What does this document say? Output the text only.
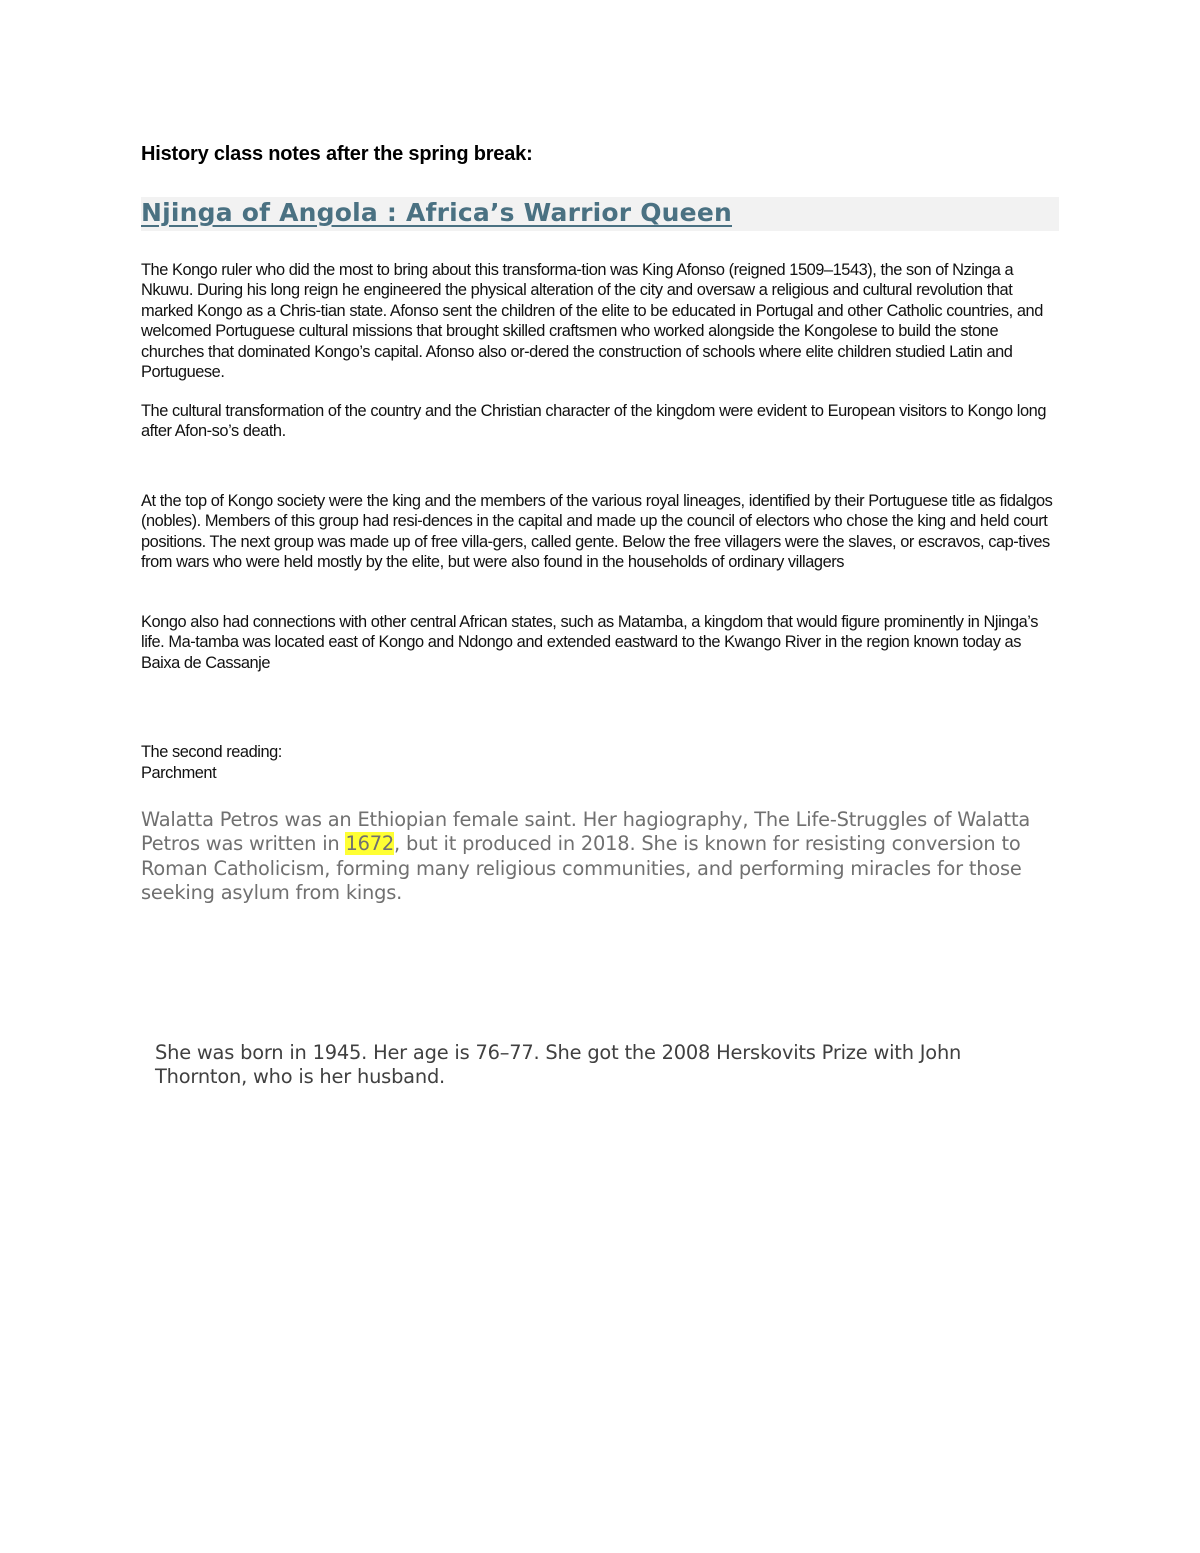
History class notes after the spring break:
Njinga of Angola : Africa’s Warrior Queen

The Kongo ruler who did the most to bring about this transforma-tion was King Afonso (reigned 1509–1543), the son of Nzinga a Nkuwu. During his long reign he engineered the physical alteration of the city and oversaw a religious and cultural revolution that marked Kongo as a Chris-tian state. Afonso sent the children of the elite to be educated in Portugal and other Catholic countries, and welcomed Portuguese cultural missions that brought skilled craftsmen who worked alongside the Kongolese to build the stone churches that dominated Kongo’s capital. Afonso also or-dered the construction of schools where elite children studied Latin and Portuguese.

The cultural transformation of the country and the Christian character of the kingdom were evident to European visitors to Kongo long after Afon-so’s death.

At the top of Kongo society were the king and the members of the various royal lineages, identified by their Portuguese title as fidalgos (nobles). Members of this group had resi-dences in the capital and made up the council of electors who chose the king and held court positions. The next group was made up of free villa-gers, called gente. Below the free villagers were the slaves, or escravos, cap-tives from wars who were held mostly by the elite, but were also found in the households of ordinary villagers

Kongo also had connections with other central African states, such as Matamba, a kingdom that would figure prominently in Njinga’s life. Ma-tamba was located east of Kongo and Ndongo and extended eastward to the Kwango River in the region known today as Baixa de Cassanje

The second reading:
Parchment

Walatta Petros was an Ethiopian female saint. Her hagiography, The Life-Struggles of Walatta Petros was written in 1672, but it produced in 2018. She is known for resisting conversion to Roman Catholicism, forming many religious communities, and performing miracles for those seeking asylum from kings.

She was born in 1945. Her age is 76–77. She got the 2008 Herskovits Prize with John Thornton, who is her husband.
